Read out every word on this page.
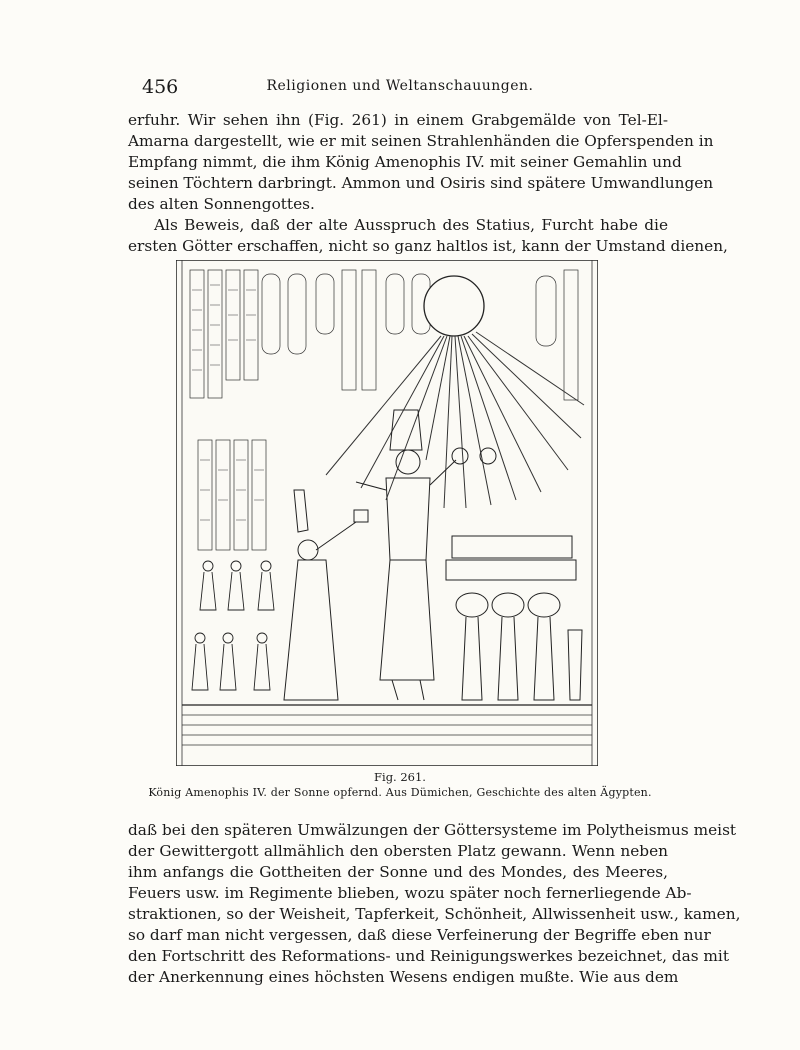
456	Religionen und Weltanschauungen.
erfuhr. Wir sehen ihn (Fig. 261) in einem Grabgemälde von Tel-El-
Amarna dargestellt, wie er mit seinen Strahlenhänden die Opferspenden in
Empfang nimmt, die ihm König Amenophis IV. mit seiner Gemahlin und
seinen Töchtern darbringt. Ammon und Osiris sind spätere Umwandlungen
des alten Sonnengottes.
Als Beweis, daß der alte Ausspruch des Statius, Furcht habe die
ersten Götter erschaffen, nicht so ganz haltlos ist, kann der Umstand dienen,
Fig. 261.
König Amenophis IV. der Sonne opfernd. Aus Dümichen, Geschichte des alten Ägypten.
daß bei den späteren Umwälzungen der Göttersysteme im Polytheismus meist
der Gewittergott allmählich den obersten Platz gewann. Wenn neben
ihm anfangs die Gottheiten der Sonne und des Mondes, des Meeres,
Feuers usw. im Regimente blieben, wozu später noch fernerliegende Ab-
straktionen, so der Weisheit, Tapferkeit, Schönheit, Allwissenheit usw., kamen,
so darf man nicht vergessen, daß diese Verfeinerung der Begriffe eben nur
den Fortschritt des Reformations- und Reinigungswerkes bezeichnet, das mit
der Anerkennung eines höchsten Wesens endigen mußte. Wie aus dem
